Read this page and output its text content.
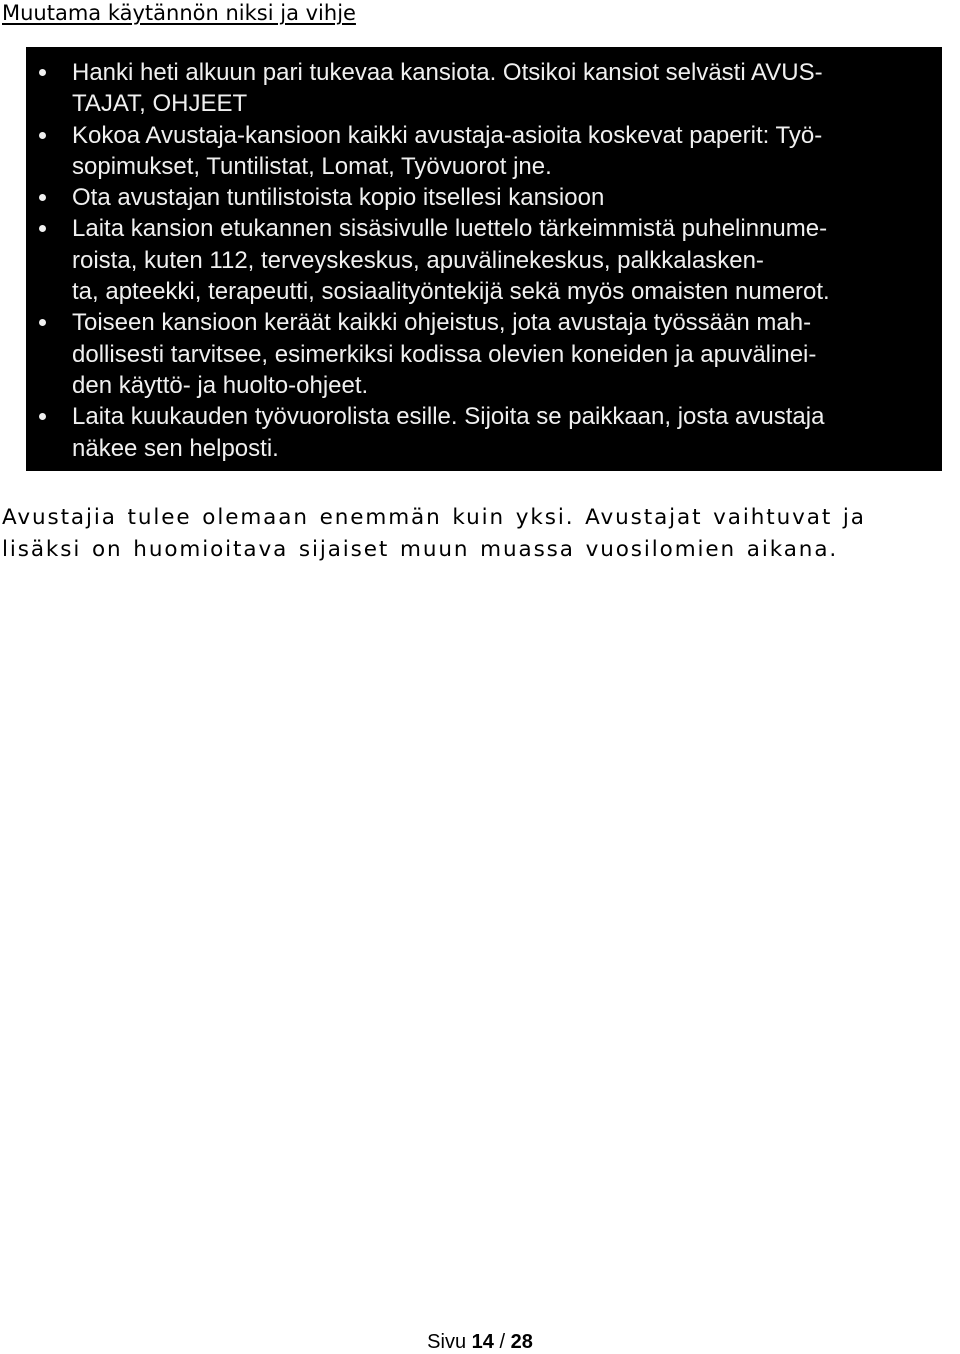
Muutama käytännön niksi ja vihje
Hanki heti alkuun pari tukevaa kansiota. Otsikoi kansiot selvästi AVUS-
TAJAT, OHJEET
Kokoa Avustaja-kansioon kaikki avustaja-asioita koskevat paperit: Työ-
sopimukset, Tuntilistat, Lomat, Työvuorot jne.
Ota avustajan tuntilistoista kopio itsellesi kansioon
Laita kansion etukannen sisäsivulle luettelo tärkeimmistä puhelinnume-
roista, kuten 112, terveyskeskus, apuvälinekeskus, palkkalasken-
ta, apteekki, terapeutti, sosiaalityöntekijä sekä myös omaisten numerot.
Toiseen kansioon keräät kaikki ohjeistus, jota avustaja työssään mah-
dollisesti tarvitsee, esimerkiksi kodissa olevien koneiden ja apuvälinei-
den käyttö- ja huolto-ohjeet.
Laita kuukauden työvuorolista esille. Sijoita se paikkaan, josta avustaja
näkee sen helposti.
Avustajia tulee olemaan enemmän kuin yksi. Avustajat vaihtuvat ja
lisäksi on huomioitava sijaiset muun muassa vuosilomien aikana.
Sivu 14 / 28
